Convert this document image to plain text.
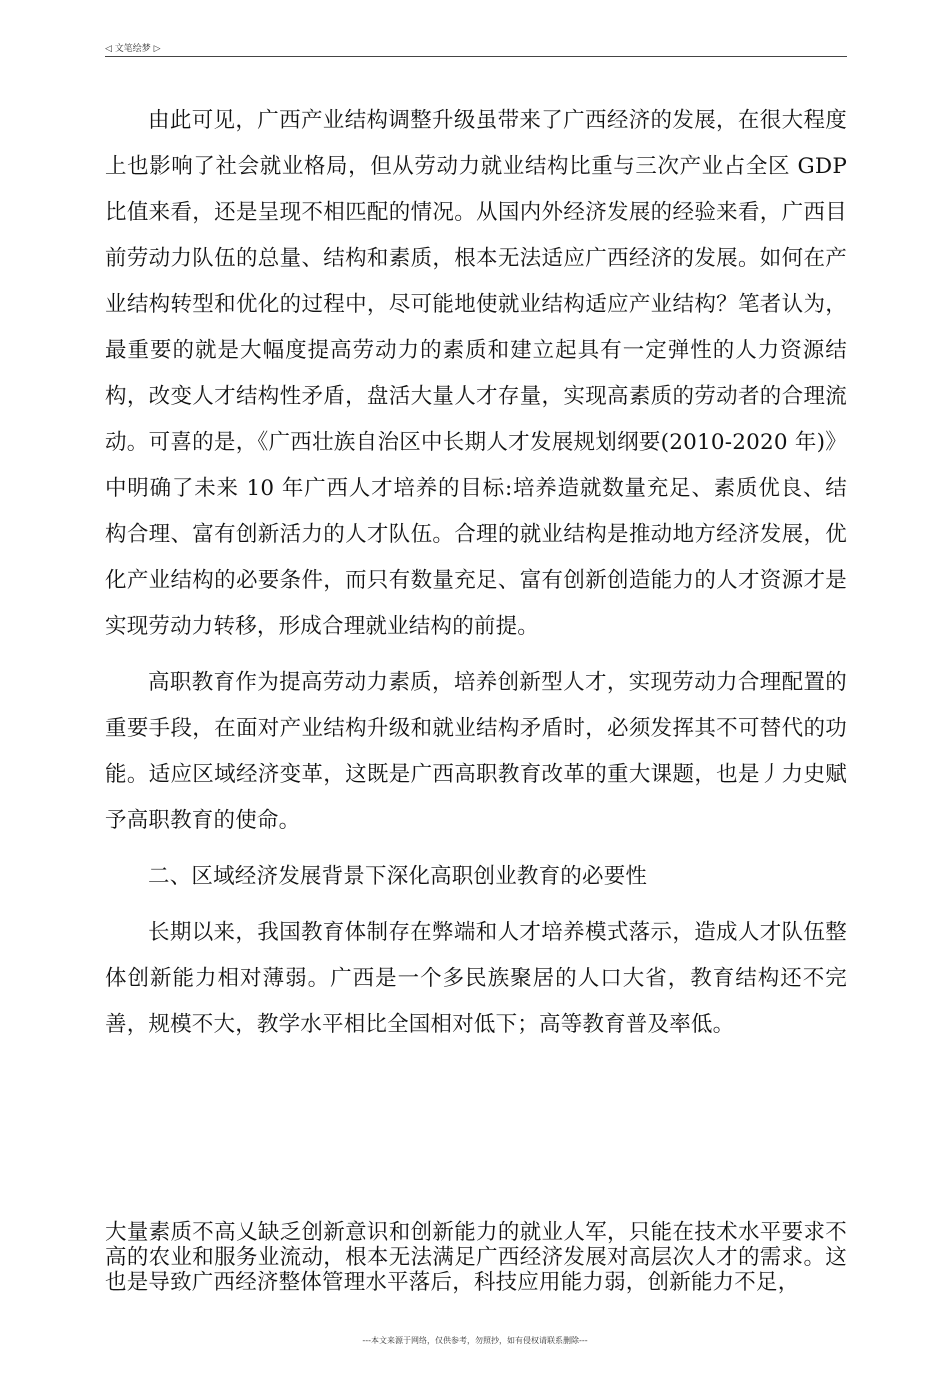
◁ 文笔绘梦 ▷

由此可见，广西产业结构调整升级虽带来了广西经济的发展，在很大程度上也影响了社会就业格局，但从劳动力就业结构比重与三次产业占全区 GDP 比值来看，还是呈现不相匹配的情况。从国内外经济发展的经验来看，广西目前劳动力队伍的总量、结构和素质，根本无法适应广西经济的发展。如何在产业结构转型和优化的过程中，尽可能地使就业结构适应产业结构？笔者认为，最重要的就是大幅度提高劳动力的素质和建立起具有一定弹性的人力资源结构，改变人才结构性矛盾，盘活大量人才存量，实现高素质的劳动者的合理流动。可喜的是，《广西壮族自治区中长期人才发展规划纲要(2010-2020 年)》中明确了未来 10 年广西人才培养的目标:培养造就数量充足、素质优良、结构合理、富有创新活力的人才队伍。合理的就业结构是推动地方经济发展，优化产业结构的必要条件，而只有数量充足、富有创新创造能力的人才资源才是实现劳动力转移，形成合理就业结构的前提。

高职教育作为提高劳动力素质，培养创新型人才，实现劳动力合理配置的重要手段，在面对产业结构升级和就业结构矛盾时，必须发挥其不可替代的功能。适应区域经济变革，这既是广西高职教育改革的重大课题，也是丿力史赋予高职教育的使命。

二、区域经济发展背景下深化高职创业教育的必要性

长期以来，我国教育体制存在弊端和人才培养模式落示，造成人才队伍整体创新能力相对薄弱。广西是一个多民族聚居的人口大省，教育结构还不完善，规模不大，教学水平相比全国相对低下；高等教育普及率低。

大量素质不高乂缺乏创新意识和创新能力的就业人军，只能在技术水平要求不高的农业和服务业流动，根本无法满足广西经济发展对高层次人才的需求。这也是导致广西经济整体管理水平落后，科技应用能力弱，创新能力不足，

---本文来源于网络，仅供参考，勿照抄，如有侵权请联系删除---
